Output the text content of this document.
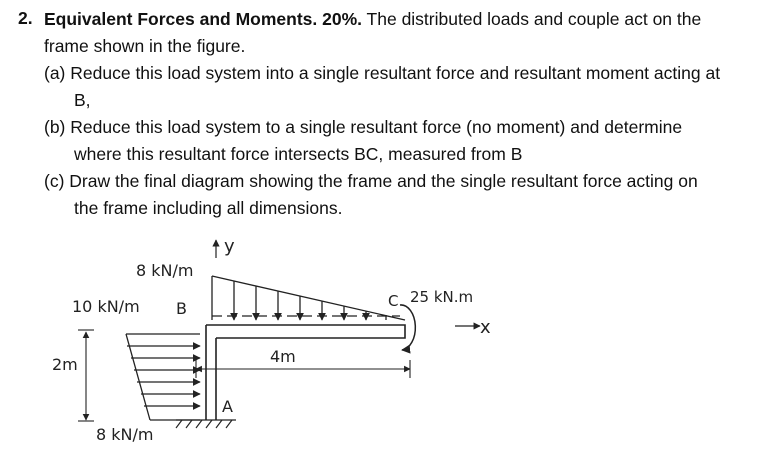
2. Equivalent Forces and Moments. 20%. The distributed loads and couple act on the
frame shown in the figure.
(a) Reduce this load system into a single resultant force and resultant moment acting at
B,
(b) Reduce this load system to a single resultant force (no moment) and determine
where this resultant force intersects BC, measured from B
(c) Draw the final diagram showing the frame and the single resultant force acting on
the frame including all dimensions.
y
x
8 kN/m
10 kN/m
8 kN/m
B	C
A
25 kN.m
2m	4m
